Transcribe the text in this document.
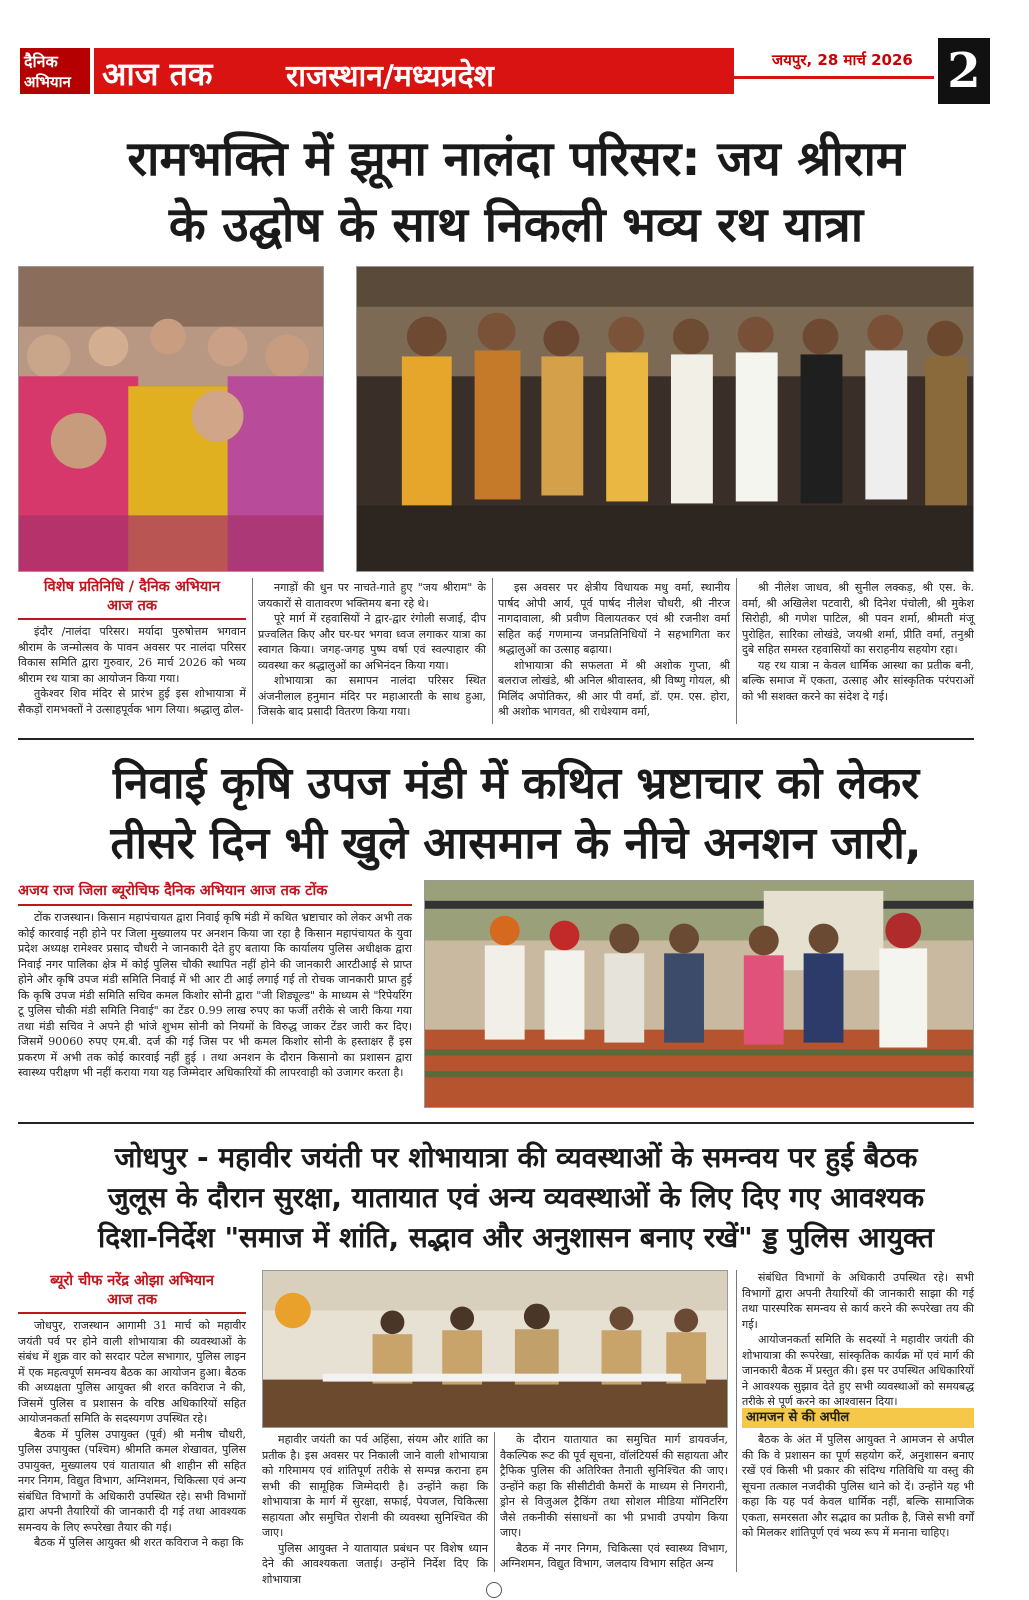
दैनिक
अभियान आज तक राजस्थान/मध्यप्रदेश	जयपुर, 28 मार्च 2026 2
रामभक्ति में झूमा नालंदा परिसर: जय श्रीराम
के उद्घोष के साथ निकली भव्य रथ यात्रा
विशेष प्रतिनिधि / दैनिक अभियान
आज तक

इंदौर /नालंदा परिसर। मर्यादा पुरुषोत्तम भगवान श्रीराम के जन्मोत्सव के पावन अवसर पर नालंदा परिसर विकास समिति द्वारा गुरुवार, 26 मार्च 2026 को भव्य श्रीराम रथ यात्रा का आयोजन किया गया।

तुकेश्वर शिव मंदिर से प्रारंभ हुई इस शोभायात्रा में सैकड़ों रामभक्तों ने उत्साहपूर्वक भाग लिया। श्रद्धालु ढोल-

नगाड़ों की धुन पर नाचते-गाते हुए "जय श्रीराम" के जयकारों से वातावरण भक्तिमय बना रहे थे।

पूरे मार्ग में रहवासियों ने द्वार-द्वार रंगोली सजाई, दीप प्रज्वलित किए और घर-घर भगवा ध्वज लगाकर यात्रा का स्वागत किया। जगह-जगह पुष्प वर्षा एवं स्वल्पाहार की व्यवस्था कर श्रद्धालुओं का अभिनंदन किया गया।

शोभायात्रा का समापन नालंदा परिसर स्थित अंजनीलाल हनुमान मंदिर पर महाआरती के साथ हुआ, जिसके बाद प्रसादी वितरण किया गया।

इस अवसर पर क्षेत्रीय विधायक मधु वर्मा, स्थानीय पार्षद ओपी आर्य, पूर्व पार्षद नीलेश चौधरी, श्री नीरज नागदावाला, श्री प्रवीण विलायतकर एवं श्री रजनीश वर्मा सहित कई गणमान्य जनप्रतिनिधियों ने सहभागिता कर श्रद्धालुओं का उत्साह बढ़ाया।

शोभायात्रा की सफलता में श्री अशोक गुप्ता, श्री बलराज लोखंडे, श्री अनिल श्रीवास्तव, श्री विष्णु गोयल, श्री मिलिंद अपोतिकर, श्री आर पी वर्मा, डॉ. एम. एस. होरा, श्री अशोक भागवत, श्री राधेश्याम वर्मा,

श्री नीलेश जाधव, श्री सुनील लक्कड़, श्री एस. के. वर्मा, श्री अखिलेश पटवारी, श्री दिनेश पंचोली, श्री मुकेश सिरोही, श्री गणेश पाटिल, श्री पवन शर्मा, श्रीमती मंजू पुरोहित, सारिका लोखंडे, जयश्री शर्मा, प्रीति वर्मा, तनुश्री दुबे सहित समस्त रहवासियों का सराहनीय सहयोग रहा।

यह रथ यात्रा न केवल धार्मिक आस्था का प्रतीक बनी, बल्कि समाज में एकता, उत्साह और सांस्कृतिक परंपराओं को भी सशक्त करने का संदेश दे गई।

निवाई कृषि उपज मंडी में कथित भ्रष्टाचार को लेकर
तीसरे दिन भी खुले आसमान के नीचे अनशन जारी,
अजय राज जिला ब्यूरोचिफ दैनिक अभियान आज तक टोंक

टोंक राजस्थान। किसान महापंचायत द्वारा निवाई कृषि मंडी में कथित भ्रष्टाचार को लेकर अभी तक कोई कारवाई नही होने पर जिला मुख्यालय पर अनशन किया जा रहा है किसान महापंचायत के युवा प्रदेश अध्यक्ष रामेश्वर प्रसाद चौधरी ने जानकारी देते हुए बताया कि कार्यालय पुलिस अधीक्षक द्वारा निवाई नगर पालिका क्षेत्र में कोई पुलिस चौकी स्थापित नहीं होने की जानकारी आरटीआई से प्राप्त होने और कृषि उपज मंडी समिति निवाई में भी आर टी आई लगाई गई तो रोचक जानकारी प्राप्त हुई कि कृषि उपज मंडी समिति सचिव कमल किशोर सोनी द्वारा "जी शिड्यूल्ड" के माध्यम से "रिपेयरिंग टू पुलिस चौकी मंडी समिति निवाई" का टेंडर 0.99 लाख रुपए का फर्जी तरीके से जारी किया गया तथा मंडी सचिव ने अपने ही भांजे शुभम सोनी को नियमों के विरुद्ध जाकर टेंडर जारी कर दिए। जिसमें 90060 रुपए एम.बी. दर्ज की गई जिस पर भी कमल किशोर सोनी के हस्ताक्षर हैं इस प्रकरण में अभी तक कोई कारवाई नहीं हुई । तथा अनशन के दौरान किसानो का प्रशासन द्वारा स्वास्थ्य परीक्षण भी नहीं कराया गया यह जिम्मेदार अधिकारियों की लापरवाही को उजागर करता है।

जोधपुर - महावीर जयंती पर शोभायात्रा की व्यवस्थाओं के समन्वय पर हुई बैठक
जुलूस के दौरान सुरक्षा, यातायात एवं अन्य व्यवस्थाओं के लिए दिए गए आवश्यक
दिशा-निर्देश "समाज में शांति, सद्भाव और अनुशासन बनाए रखें" ड्ड पुलिस आयुक्त
ब्यूरो चीफ नरेंद्र ओझा अभियान
आज तक

जोधपुर, राजस्थान आगामी 31 मार्च को महावीर जयंती पर्व पर होने वाली शोभायात्रा की व्यवस्थाओं के संबंध में शुक्र वार को सरदार पटेल सभागार, पुलिस लाइन में एक महत्वपूर्ण समन्वय बैठक का आयोजन हुआ। बैठक की अध्यक्षता पुलिस आयुक्त श्री शरत कविराज ने की, जिसमें पुलिस व प्रशासन के वरिष्ठ अधिकारियों सहित आयोजनकर्ता समिति के सदस्यगण उपस्थित रहे।

बैठक में पुलिस उपायुक्त (पूर्व) श्री मनीष चौधरी, पुलिस उपायुक्त (पश्चिम) श्रीमति कमल शेखावत, पुलिस उपायुक्त, मुख्यालय एवं यातायात श्री शाहीन सी सहित नगर निगम, विद्युत विभाग, अग्निशमन, चिकित्सा एवं अन्य संबंधित विभागों के अधिकारी उपस्थित रहे। सभी विभागों द्वारा अपनी तैयारियों की जानकारी दी गई तथा आवश्यक समन्वय के लिए रूपरेखा तैयार की गई।

बैठक में पुलिस आयुक्त श्री शरत कविराज ने कहा कि

महावीर जयंती का पर्व अहिंसा, संयम और शांति का प्रतीक है। इस अवसर पर निकाली जाने वाली शोभायात्रा को गरिमामय एवं शांतिपूर्ण तरीके से सम्पन्न कराना हम सभी की सामूहिक जिम्मेदारी है। उन्होंने कहा कि शोभायात्रा के मार्ग में सुरक्षा, सफाई, पेयजल, चिकित्सा सहायता और समुचित रोशनी की व्यवस्था सुनिश्चित की जाए।

पुलिस आयुक्त ने यातायात प्रबंधन पर विशेष ध्यान देने की आवश्यकता जताई। उन्होंने निर्देश दिए कि शोभायात्रा

के दौरान यातायात का समुचित मार्ग डायवर्जन, वैकल्पिक रूट की पूर्व सूचना, वॉलंटियर्स की सहायता और ट्रैफिक पुलिस की अतिरिक्त तैनाती सुनिश्चित की जाए। उन्होंने कहा कि सीसीटीवी कैमरों के माध्यम से निगरानी, ड्रोन से विजुअल ट्रैकिंग तथा सोशल मीडिया मॉनिटरिंग जैसे तकनीकी संसाधनों का भी प्रभावी उपयोग किया जाए।

बैठक में नगर निगम, चिकित्सा एवं स्वास्थ्य विभाग, अग्निशमन, विद्युत विभाग, जलदाय विभाग सहित अन्य

संबंधित विभागों के अधिकारी उपस्थित रहे। सभी विभागों द्वारा अपनी तैयारियों की जानकारी साझा की गई तथा पारस्परिक समन्वय से कार्य करने की रूपरेखा तय की गई।

आयोजनकर्ता समिति के सदस्यों ने महावीर जयंती की शोभायात्रा की रूपरेखा, सांस्कृतिक कार्यक्र मों एवं मार्ग की जानकारी बैठक में प्रस्तुत की। इस पर उपस्थित अधिकारियों ने आवश्यक सुझाव देते हुए सभी व्यवस्थाओं को समयबद्ध तरीके से पूर्ण करने का आश्वासन दिया।

आमजन से की अपील

बैठक के अंत में पुलिस आयुक्त ने आमजन से अपील की कि वे प्रशासन का पूर्ण सहयोग करें, अनुशासन बनाए रखें एवं किसी भी प्रकार की संदिग्ध गतिविधि या वस्तु की सूचना तत्काल नजदीकी पुलिस थाने को दें। उन्होंने यह भी कहा कि यह पर्व केवल धार्मिक नहीं, बल्कि सामाजिक एकता, समरसता और सद्भाव का प्रतीक है, जिसे सभी वर्गों को मिलकर शांतिपूर्ण एवं भव्य रूप में मनाना चाहिए।
